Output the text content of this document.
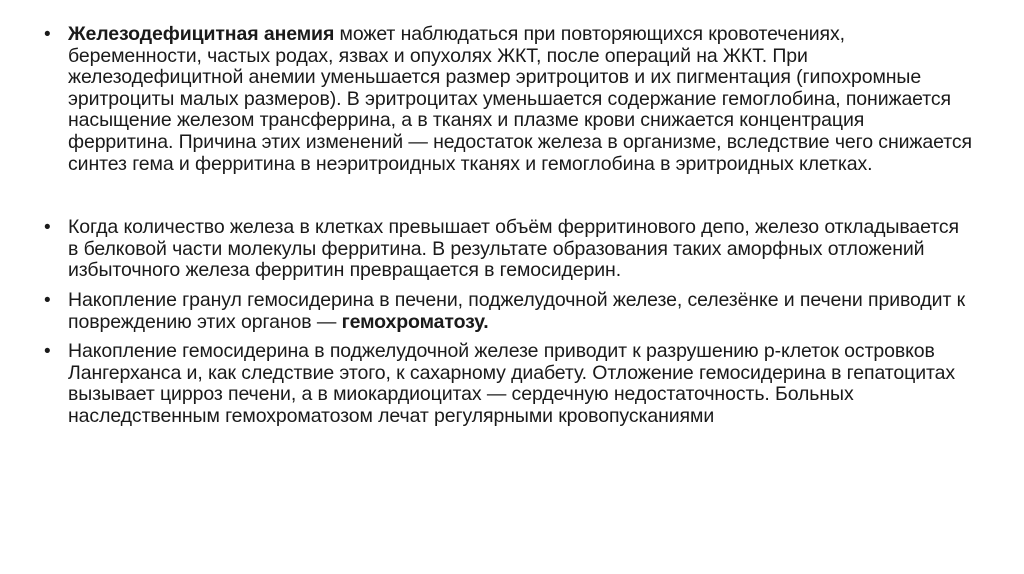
• Железодефицитная анемия может наблюдаться при повторяющихся кровотечениях, беременности, частых родах, язвах и опухолях ЖКТ, после операций на ЖКТ. При железодефицитной анемии уменьшается размер эритроцитов и их пигментация (гипохромные эритроциты малых размеров). В эритроцитах уменьшается содержание гемоглобина, понижается насыщение железом трансферрина, а в тканях и плазме крови снижается концентрация ферритина. Причина этих изменений — недостаток железа в организме, вследствие чего снижается синтез гема и ферритина в неэритроидных тканях и гемоглобина в эритроидных клетках.
• Когда количество железа в клетках превышает объём ферритинового депо, железо откладывается в белковой части молекулы ферритина. В результате образования таких аморфных отложений избыточного железа ферритин превращается в гемосидерин.
• Накопление гранул гемосидерина в печени, поджелудочной железе, селезёнке и печени приводит к повреждению этих органов — гемохроматозу.
• Накопление гемосидерина в поджелудочной железе приводит к разрушению р-клеток островков Лангерханса и, как следствие этого, к сахарному диабету. Отложение гемосидерина в гепатоцитах вызывает цирроз печени, а в миокардиоцитах — сердечную недостаточность. Больных наследственным гемохроматозом лечат регулярными кровопусканиями
